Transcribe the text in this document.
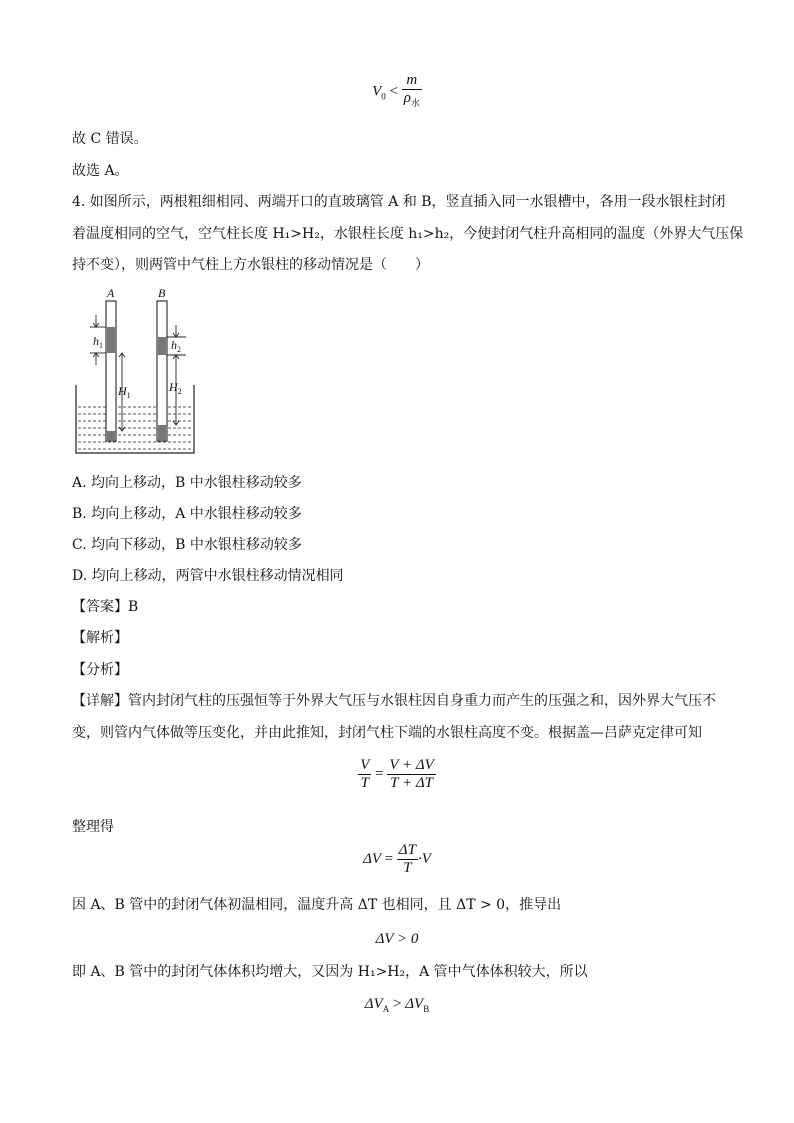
$V_0 < \frac{m}{\rho_水}$
故 C 错误。
故选 A。
4. 如图所示，两根粗细相同、两端开口的直玻璃管 A 和 B，竖直插入同一水银槽中，各用一段水银柱封闭
着温度相同的空气，空气柱长度 H₁>H₂，水银柱长度 h₁>h₂，今使封闭气柱升高相同的温度（外界大气压保
持不变），则两管中气柱上方水银柱的移动情况是（　　）
A	B
$h_1$	$h_2$
$H_1$
$H_2$
A. 均向上移动，B 中水银柱移动较多
B. 均向上移动，A 中水银柱移动较多
C. 均向下移动，B 中水银柱移动较多
D. 均向上移动，两管中水银柱移动情况相同
【答案】B
【解析】
【分析】
【详解】管内封闭气柱的压强恒等于外界大气压与水银柱因自身重力而产生的压强之和，因外界大气压不
变，则管内气体做等压变化，并由此推知，封闭气柱下端的水银柱高度不变。根据盖—吕萨克定律可知
$\frac{V}{T} = \frac{V + \Delta V}{T + \Delta T}$
整理得
$\Delta V = \frac{\Delta T}{T} \cdot V$
因 A、B 管中的封闭气体初温相同，温度升高 ΔT 也相同，且 ΔT > 0，推导出
ΔV > 0
即 A、B 管中的封闭气体体积均增大，又因为 H₁>H₂，A 管中气体体积较大，所以
$\Delta V_A > \Delta V_B$
